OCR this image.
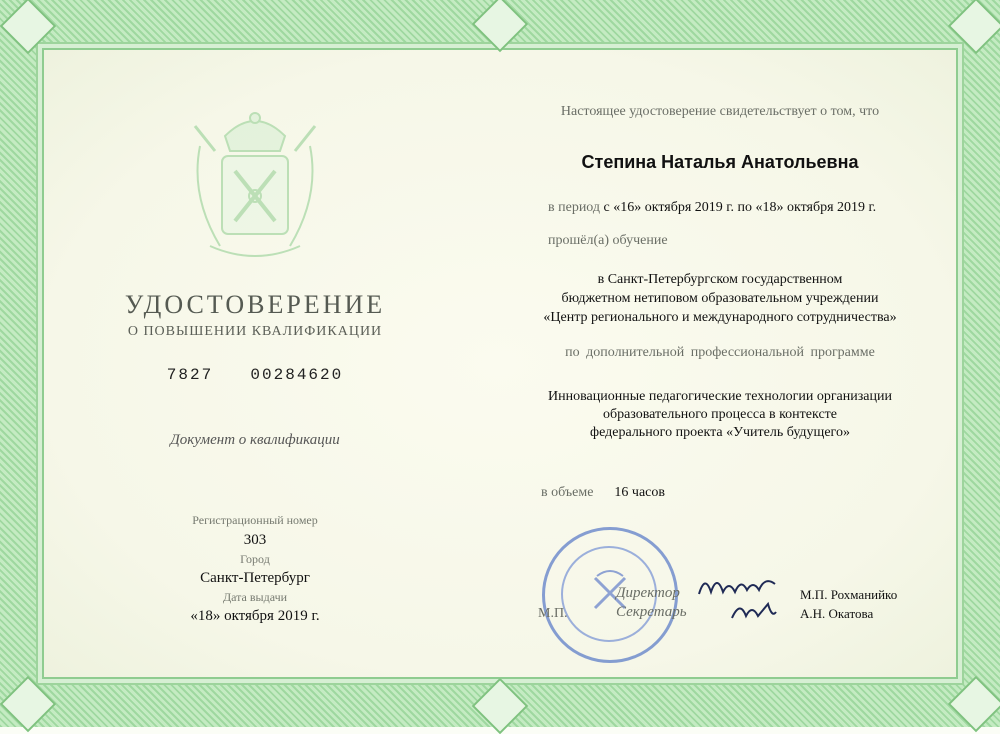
УДОСТОВЕРЕНИЕ
О ПОВЫШЕНИИ КВАЛИФИКАЦИИ
7827 00284620
Документ о квалификации
Регистрационный номер
303
Город
Санкт-Петербург
Дата выдачи
«18» октября 2019 г.
Настоящее удостоверение свидетельствует о том, что
Степина Наталья Анатольевна
в период с «16» октября 2019 г. по «18» октября 2019 г.
прошёл(а) обучение
в Санкт-Петербургском государственном
бюджетном нетиповом образовательном учреждении
«Центр регионального и международного сотрудничества»
по дополнительной профессиональной программе
Инновационные педагогические технологии организации
образовательного процесса в контексте
федерального проекта «Учитель будущего»
в объеме 16 часов
М.П.
Директор
Секретарь
М.П. Рохманийко
А.Н. Окатова
